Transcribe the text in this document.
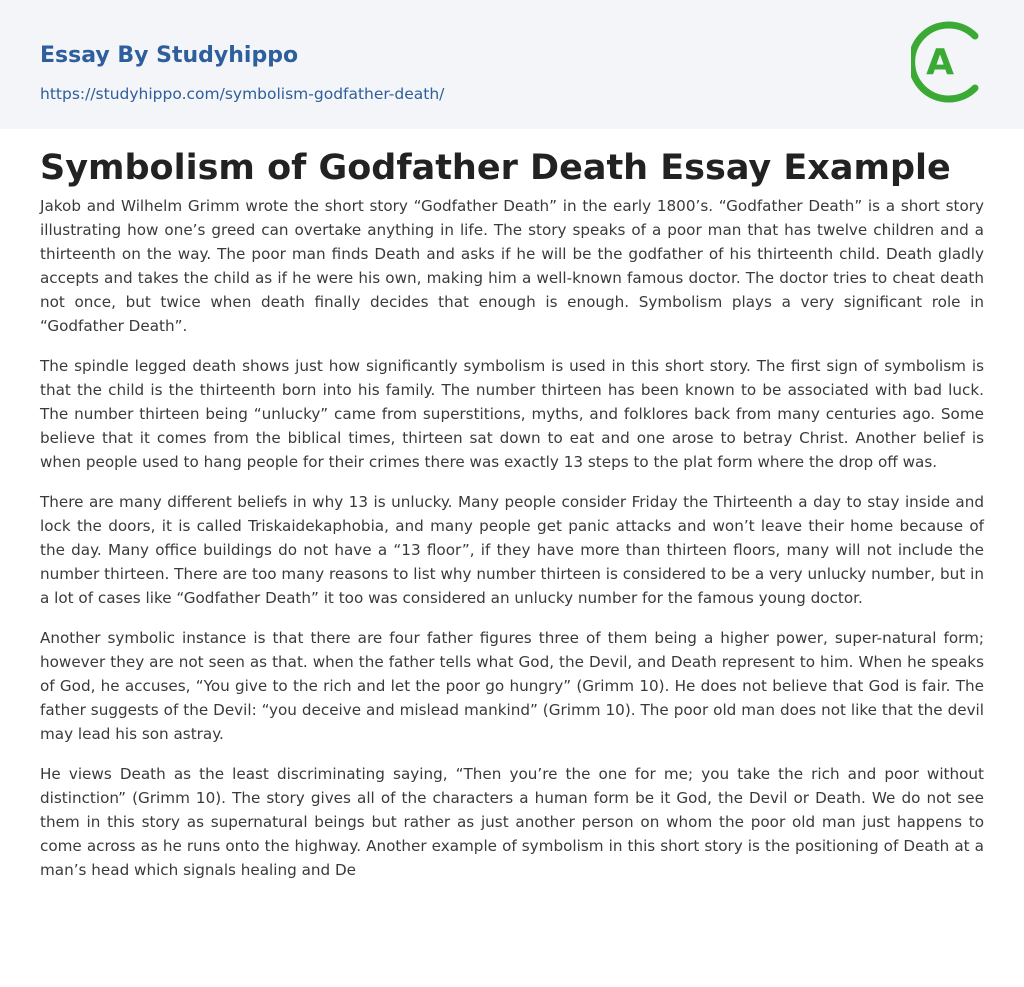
Essay By Studyhippo
https://studyhippo.com/symbolism-godfather-death/
A
Symbolism of Godfather Death Essay Example

Jakob and Wilhelm Grimm wrote the short story “Godfather Death” in the early 1800’s. “Godfather Death” is a short story illustrating how one’s greed can overtake anything in life. The story speaks of a poor man that has twelve children and a thirteenth on the way. The poor man finds Death and asks if he will be the godfather of his thirteenth child. Death gladly accepts and takes the child as if he were his own, making him a well-known famous doctor. The doctor tries to cheat death not once, but twice when death finally decides that enough is enough. Symbolism plays a very significant role in “Godfather Death”.

The spindle legged death shows just how significantly symbolism is used in this short story. The first sign of symbolism is that the child is the thirteenth born into his family. The number thirteen has been known to be associated with bad luck. The number thirteen being “unlucky” came from superstitions, myths, and folklores back from many centuries ago. Some believe that it comes from the biblical times, thirteen sat down to eat and one arose to betray Christ. Another belief is when people used to hang people for their crimes there was exactly 13 steps to the plat form where the drop off was.

There are many different beliefs in why 13 is unlucky. Many people consider Friday the Thirteenth a day to stay inside and lock the doors, it is called Triskaidekaphobia, and many people get panic attacks and won’t leave their home because of the day. Many office buildings do not have a “13 floor”, if they have more than thirteen floors, many will not include the number thirteen. There are too many reasons to list why number thirteen is considered to be a very unlucky number, but in a lot of cases like “Godfather Death” it too was considered an unlucky number for the famous young doctor.

Another symbolic instance is that there are four father figures three of them being a higher power, super-natural form; however they are not seen as that. when the father tells what God, the Devil, and Death represent to him. When he speaks of God, he accuses, “You give to the rich and let the poor go hungry” (Grimm 10). He does not believe that God is fair. The father suggests of the Devil: “you deceive and mislead mankind” (Grimm 10). The poor old man does not like that the devil may lead his son astray.

He views Death as the least discriminating saying, “Then you’re the one for me; you take the rich and poor without distinction” (Grimm 10). The story gives all of the characters a human form be it God, the Devil or Death. We do not see them in this story as supernatural beings but rather as just another person on whom the poor old man just happens to come across as he runs onto the highway. Another example of symbolism in this short story is the positioning of Death at a man’s head which signals healing and De
